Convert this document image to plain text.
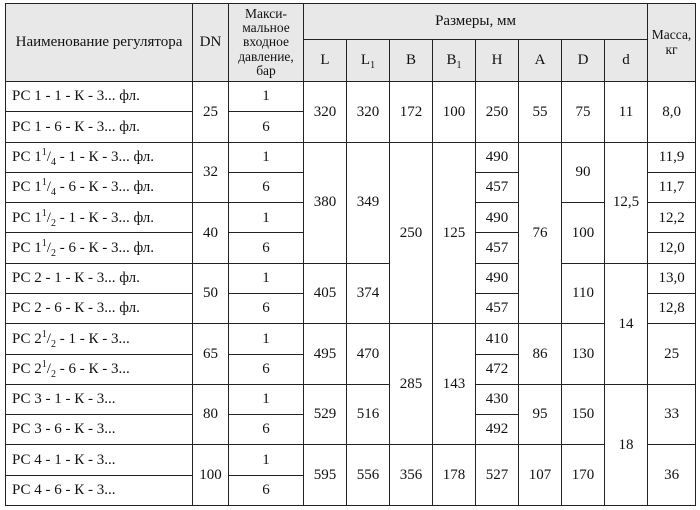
Наименование регулятора	DN	Макси-мальное входное давление, бар	Размеры, мм								Масса, кг
			L	$L_1$	B	$B_1$	H	A	D	d	
РС 1 - 1 - К - 3... фл.	25	1	320	320	172	100	250	55	75	11	8,0
РС 1 - 6 - К - 3... фл.		6									
РС $1^1/_4 - 1$ - К - 3... фл.	32	1	380	349	250	125	490	76	90	12,5	11,9
РС $1^1/_4 - 6$ - К - 3... фл.		6					457				11,7
РС $1^1/_2 - 1$ - К - 3... фл.	40	1					490		100		12,2
РС $1^1/_2 - 6$ - К - 3... фл.		6					457				12,0
РС 2 - 1 - К - 3... фл.	50	1	405	374			490		110	14	13,0
РС 2 - 6 - К - 3... фл.		6					457				12,8
РС $2^1/_2 - 1$ - К - 3...	65	1	495	470	285	143	410	86	130		25
РС $2^1/_2 - 6$ - К - 3...		6					472				
РС 3 - 1 - К - 3...	80	1	529	516			430	95	150	18	33
РС 3 - 6 - К - 3...		6					492				
РС 4 - 1 - К - 3...	100	1	595	556	356	178	527	107	170		36
РС 4 - 6 - К - 3...		6									
